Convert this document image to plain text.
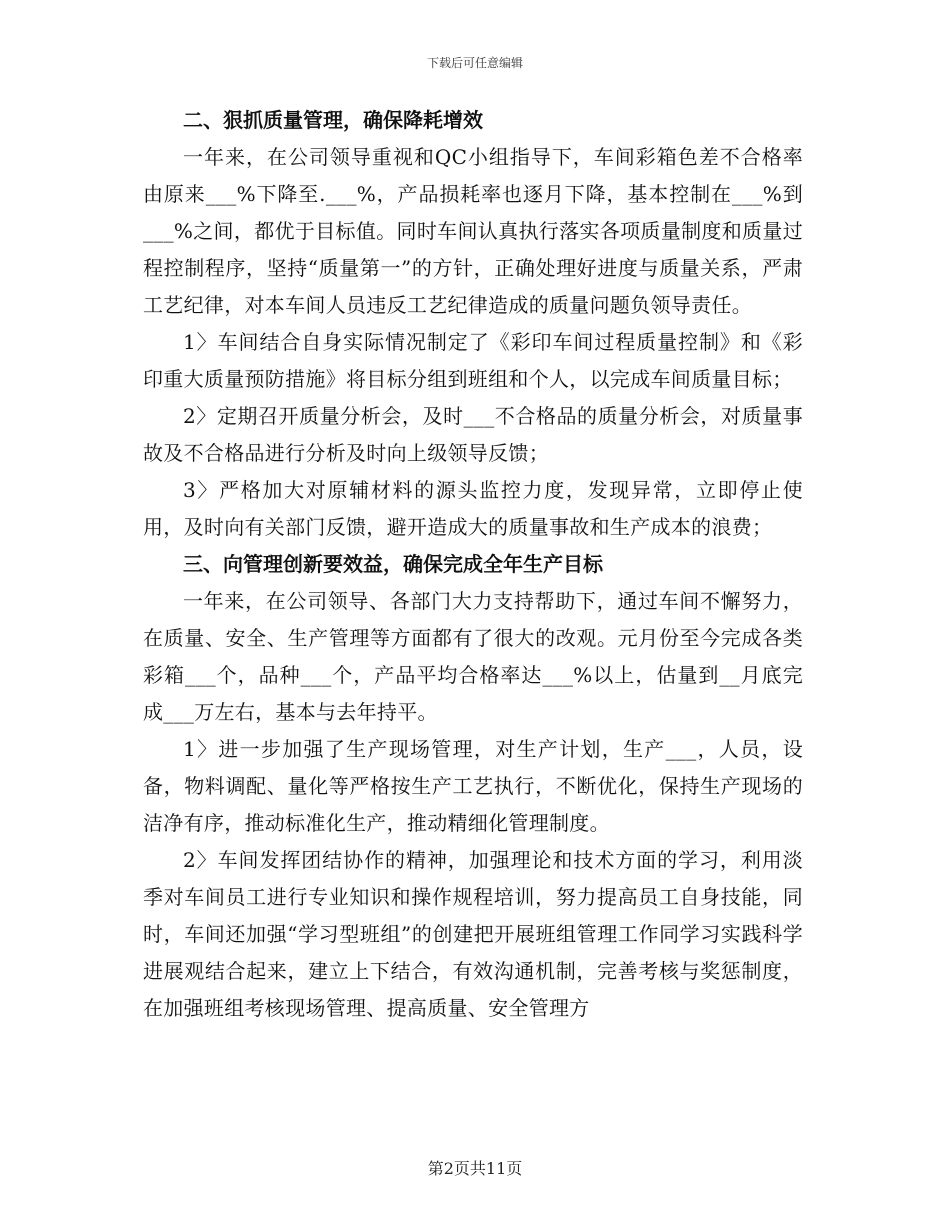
下载后可任意编辑

二、狠抓质量管理，确保降耗增效

一年来，在公司领导重视和QC小组指导下，车间彩箱色差不合格率由原来___%下降至.___%，产品损耗率也逐月下降，基本控制在___%到___%之间，都优于目标值。同时车间认真执行落实各项质量制度和质量过程控制程序，坚持“质量第一”的方针，正确处理好进度与质量关系，严肃工艺纪律，对本车间人员违反工艺纪律造成的质量问题负领导责任。

1〉车间结合自身实际情况制定了《彩印车间过程质量控制》和《彩印重大质量预防措施》将目标分组到班组和个人，以完成车间质量目标；

2〉定期召开质量分析会，及时___不合格品的质量分析会，对质量事故及不合格品进行分析及时向上级领导反馈；

3〉严格加大对原辅材料的源头监控力度，发现异常，立即停止使用，及时向有关部门反馈，避开造成大的质量事故和生产成本的浪费；

三、向管理创新要效益，确保完成全年生产目标

一年来，在公司领导、各部门大力支持帮助下，通过车间不懈努力，在质量、安全、生产管理等方面都有了很大的改观。元月份至今完成各类彩箱___个，品种___个，产品平均合格率达___%以上，估量到__月底完成___万左右，基本与去年持平。

1〉进一步加强了生产现场管理，对生产计划，生产___，人员，设备，物料调配、量化等严格按生产工艺执行，不断优化，保持生产现场的洁净有序，推动标准化生产，推动精细化管理制度。

2〉车间发挥团结协作的精神，加强理论和技术方面的学习，利用淡季对车间员工进行专业知识和操作规程培训，努力提高员工自身技能，同时，车间还加强“学习型班组”的创建把开展班组管理工作同学习实践科学进展观结合起来，建立上下结合，有效沟通机制，完善考核与奖惩制度，在加强班组考核现场管理、提高质量、安全管理方

第2页共11页
